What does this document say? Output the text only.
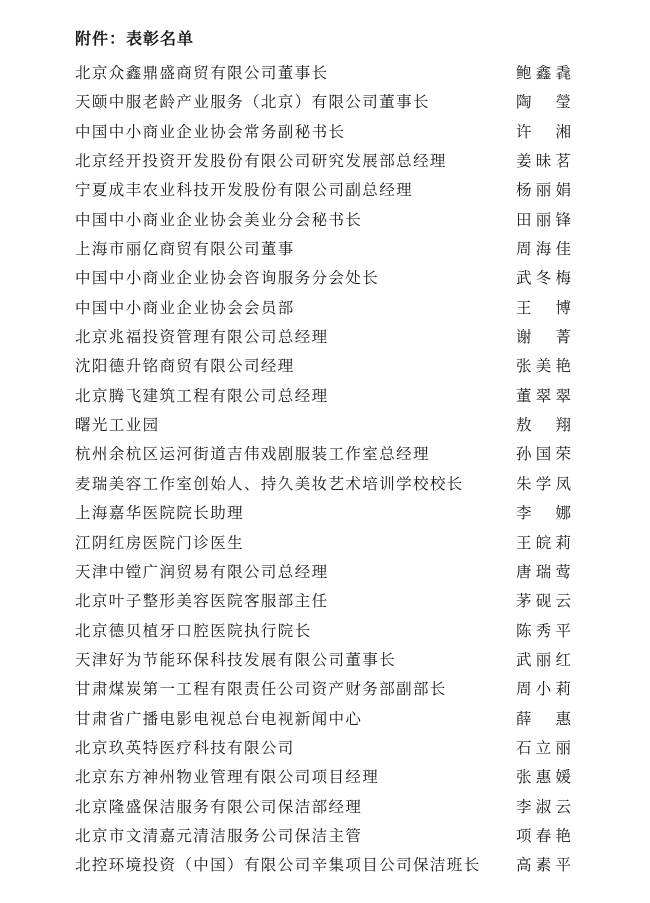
附件：表彰名单
北京众鑫鼎盛商贸有限公司董事长	鲍鑫毳
天颐中服老龄产业服务（北京）有限公司董事长	陶　瑩
中国中小商业企业协会常务副秘书长	许　湘
北京经开投资开发股份有限公司研究发展部总经理	姜昧茗
宁夏成丰农业科技开发股份有限公司副总经理	杨丽娟
中国中小商业企业协会美业分会秘书长	田丽锋
上海市丽亿商贸有限公司董事	周海佳
中国中小商业企业协会咨询服务分会处长	武冬梅
中国中小商业企业协会会员部	王　博
北京兆福投资管理有限公司总经理	谢　菁
沈阳德升铭商贸有限公司经理	张美艳
北京腾飞建筑工程有限公司总经理	董翠翠
曙光工业园	敖　翔
杭州余杭区运河街道吉伟戏剧服装工作室总经理	孙国荣
麦瑞美容工作室创始人、持久美妆艺术培训学校校长	朱学凤
上海嘉华医院院长助理	李　娜
江阴红房医院门诊医生	王皖莉
天津中镗广润贸易有限公司总经理	唐瑞莺
北京叶子整形美容医院客服部主任	茅砚云
北京德贝植牙口腔医院执行院长	陈秀平
天津好为节能环保科技发展有限公司董事长	武丽红
甘肃煤炭第一工程有限责任公司资产财务部副部长	周小莉
甘肃省广播电影电视总台电视新闻中心	薛　惠
北京玖英特医疗科技有限公司	石立丽
北京东方神州物业管理有限公司项目经理	张惠媛
北京隆盛保洁服务有限公司保洁部经理	李淑云
北京市文清嘉元清洁服务公司保洁主管	项春艳
北控环境投资（中国）有限公司辛集项目公司保洁班长 高素平
